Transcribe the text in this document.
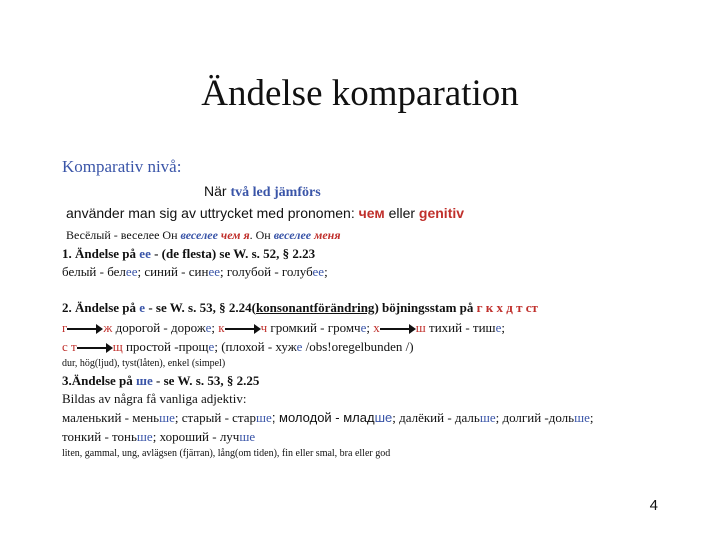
Ändelse komparation
Komparativ nivå:
När två led jämförs
använder man sig av uttrycket med pronomen: чем eller genitiv
Весёлый - веселее Он веселее чем я. Он веселее меня
1. Ändelse på ee - (de flesta) se W. s. 52, § 2.23
белый - белее; синий - синее; голубой - голубее;
2. Ändelse på e - se W. s. 53, § 2.24(konsonantförändring) böjningsstam på г к х д т ст
г	ж дорогой - дороже; к	ч громкий - громче; х	ш тихий - тише;
с т	щ простой -проще; (плохой - хуже /obs!oregelbunden /)
dur, hög(ljud), tyst(låten), enkel (simpel)
3.Ändelse på ше - se W. s. 53, § 2.25
Bildas av några få vanliga adjektiv:
маленький - меньше; старый - старше; молодой - младше; далёкий - дальше; долгий -дольше;
тонкий - тоньше; хороший - лучше
liten, gammal, ung, avlägsen (fjärran), lång(om tiden), fin eller smal, bra eller god
4
